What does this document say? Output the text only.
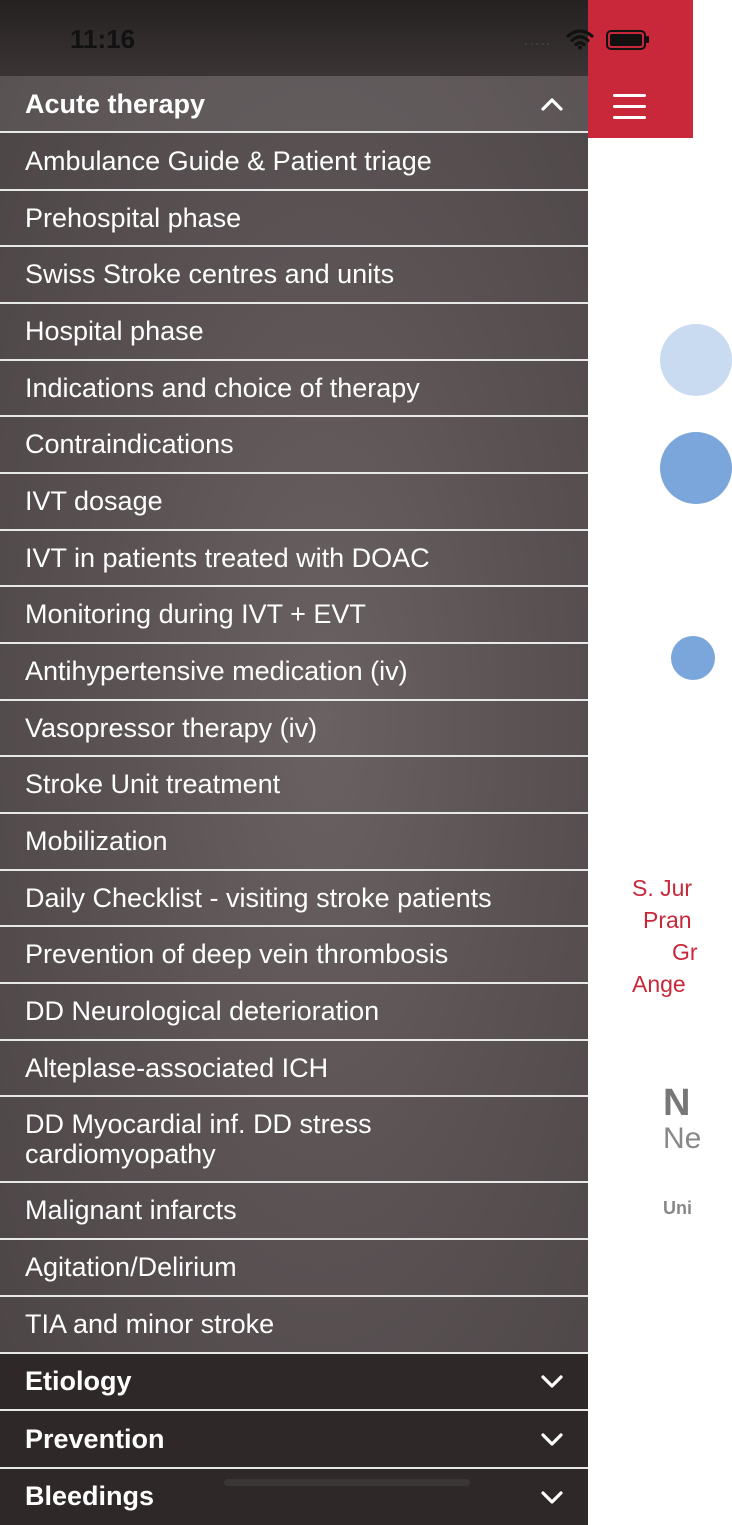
S. Jur
Pran
Gr
Ange
N
Ne
Uni
11:16
Acute therapy
Ambulance Guide & Patient triage
Prehospital phase
Swiss Stroke centres and units
Hospital phase
Indications and choice of therapy
Contraindications
IVT dosage
IVT in patients treated with DOAC
Monitoring during IVT + EVT
Antihypertensive medication (iv)
Vasopressor therapy (iv)
Stroke Unit treatment
Mobilization
Daily Checklist - visiting stroke patients
Prevention of deep vein thrombosis
DD Neurological deterioration
Alteplase-associated ICH
DD Myocardial inf. DD stress cardiomyopathy
Malignant infarcts
Agitation/Delirium
TIA and minor stroke
Etiology
Prevention
Bleedings
.....
